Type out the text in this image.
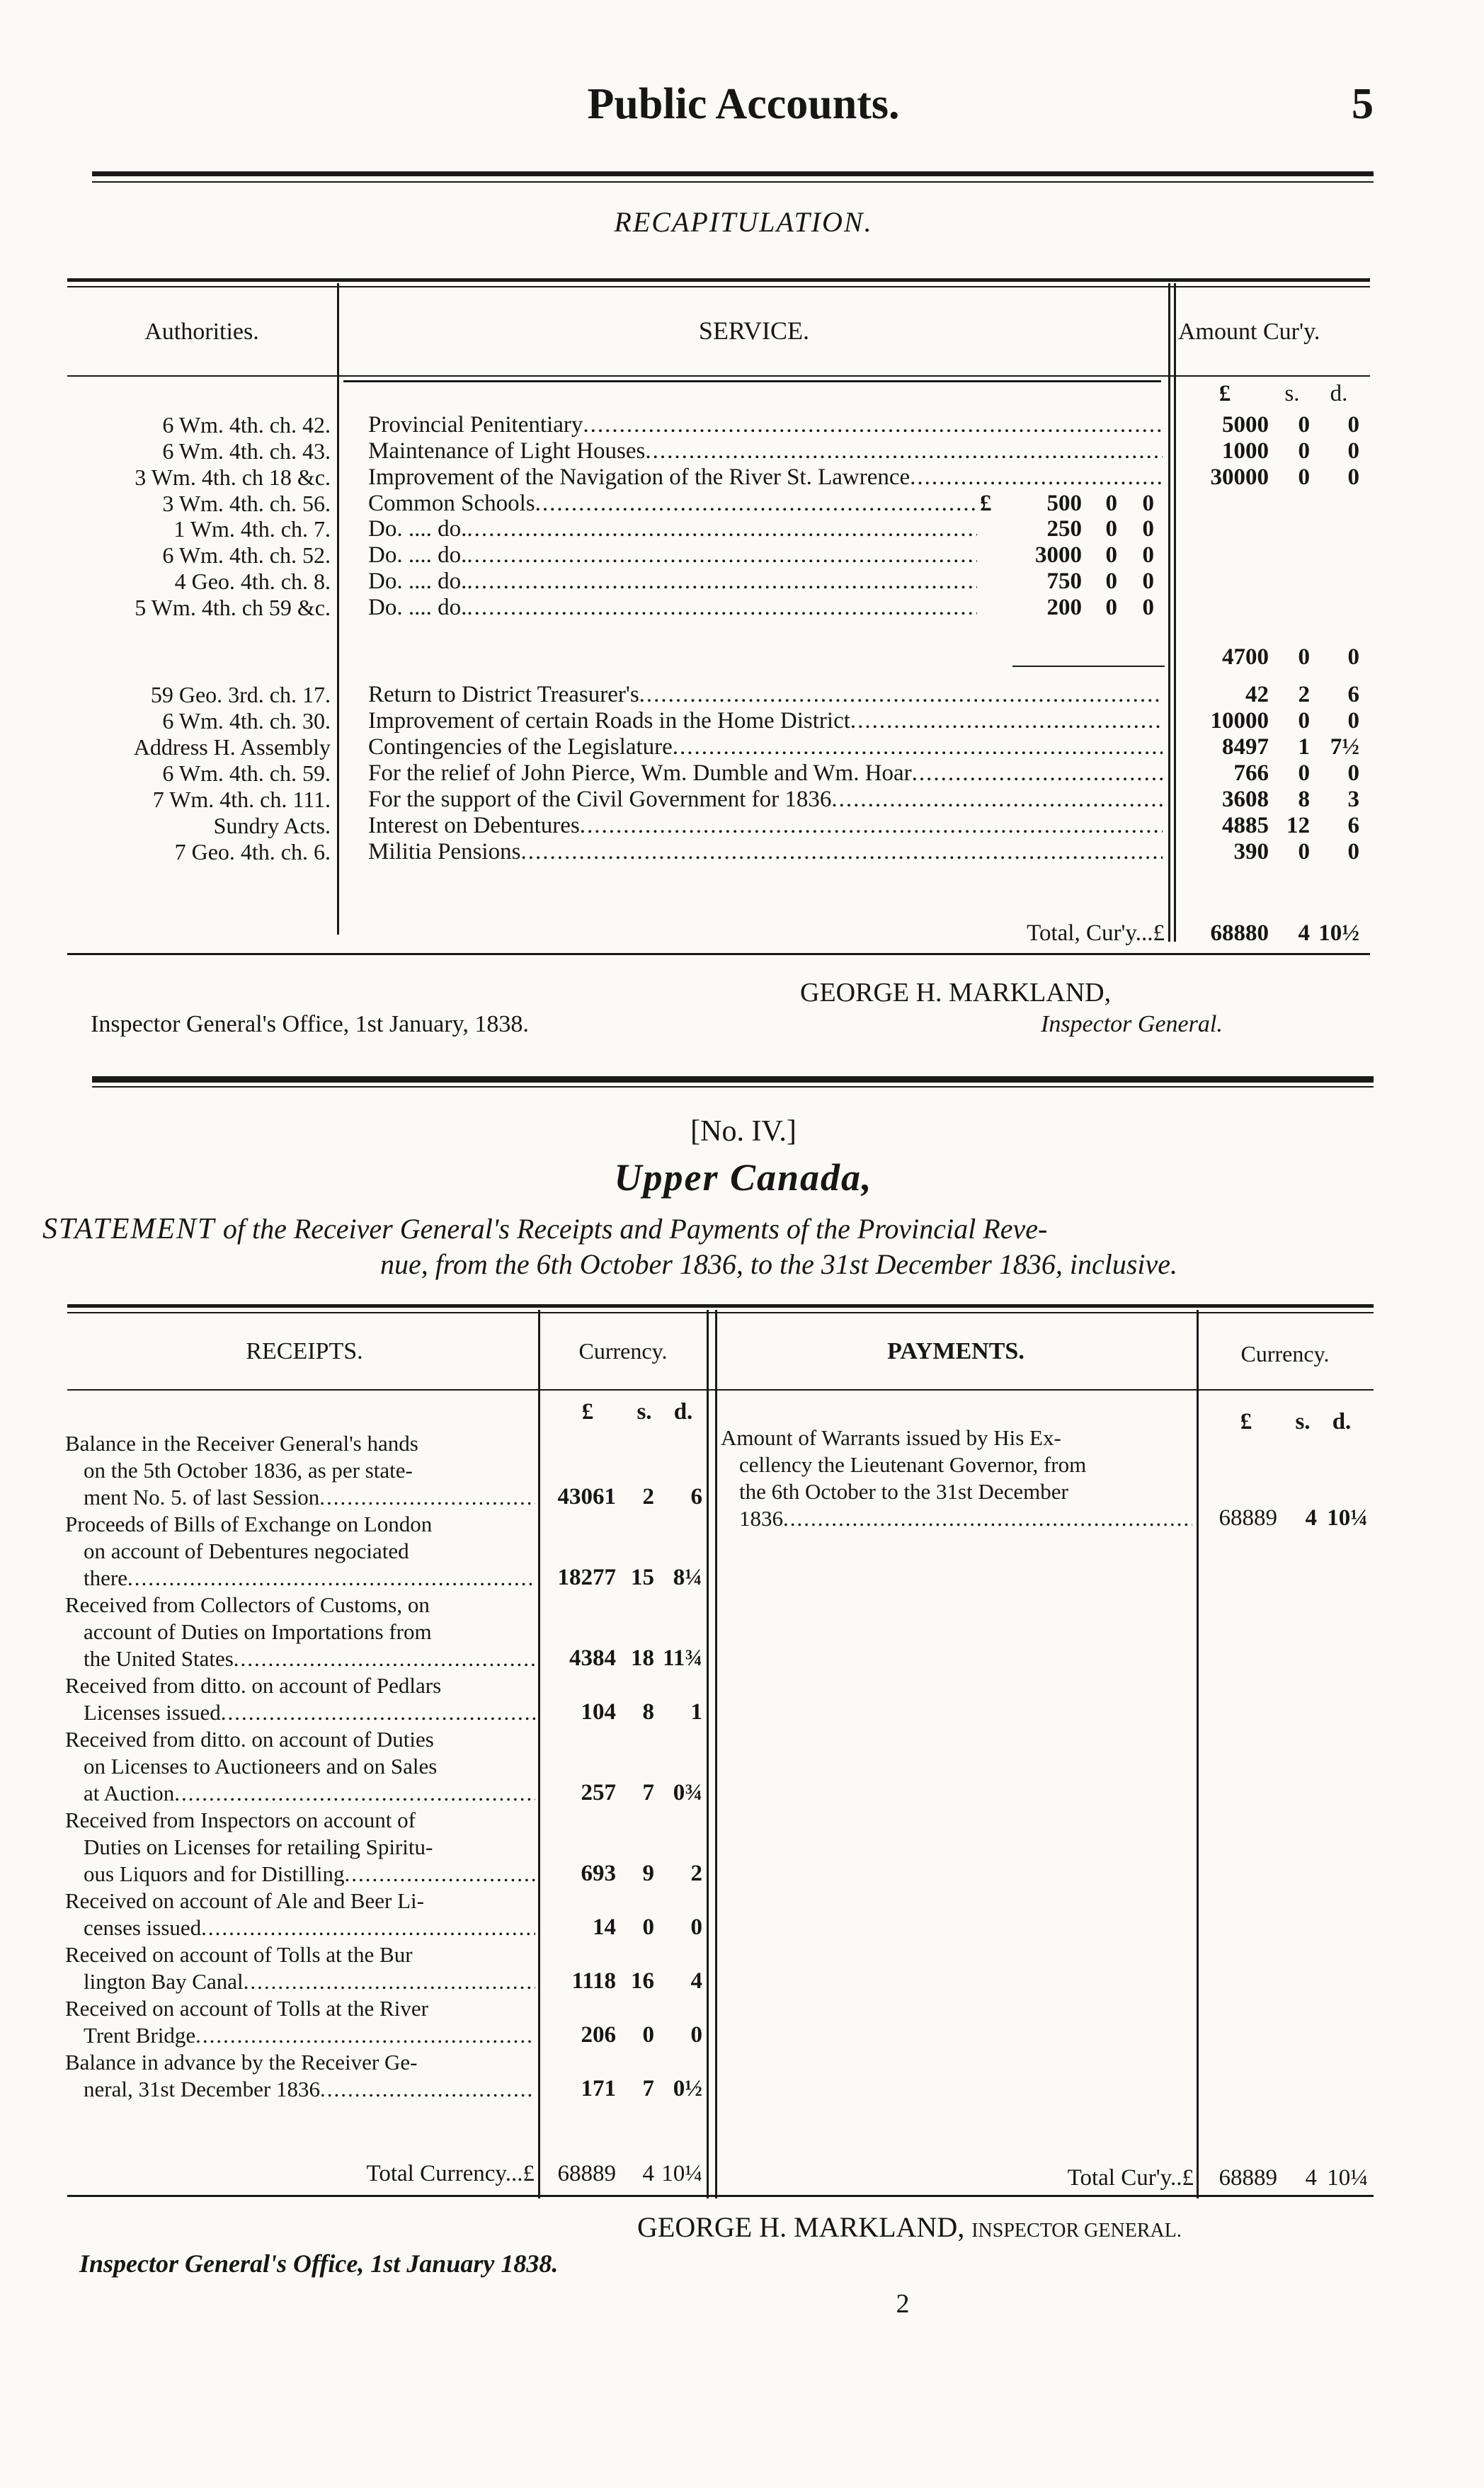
Public Accounts.	5
RECAPITULATION.
Authorities.	SERVICE.	Amount Cur'y.
£	s.	d.
6 Wm. 4th. ch. 42. Provincial Penitentiary .....	5000	0	0
6 Wm. 4th. ch. 43. Maintenance of Light Houses .....	1000	0	0
3 Wm. 4th. ch 18 &c. Improvement of the Navigation of the River St. Lawrence .....	30000	0	0
3 Wm. 4th. ch. 56. Common Schools .....	£	500	0	0
1 Wm. 4th. ch. 7. Do. .... do. .....	250	0	0
6 Wm. 4th. ch. 52. Do. .... do. .....	3000	0	0
4 Geo. 4th. ch. 8. Do. .... do. .....	750	0	0
5 Wm. 4th. ch 59 &c. Do. .... do. .....	200	0	0
4700	0	0
59 Geo. 3rd. ch. 17. Return to District Treasurer's .....	42	2	6
6 Wm. 4th. ch. 30. Improvement of certain Roads in the Home District .....	10000	0	0
Address H. Assembly Contingencies of the Legislature .....	8497	1 7½
6 Wm. 4th. ch. 59. For the relief of John Pierce, Wm. Dumble and Wm. Hoar .....	766	0	0
7 Wm. 4th. ch. 111. For the support of the Civil Government for 1836 .....	3608	8	3
Sundry Acts. Interest on Debentures .....	4885 12	6
7 Geo. 4th. ch. 6. Militia Pensions .....	390	0	0
Total, Cur'y...£	68880	4 10½
GEORGE H. MARKLAND,
Inspector General.
Inspector General's Office, 1st January, 1838.
[No. IV.]
Upper Canada,
STATEMENT of the Receiver General's Receipts and Payments of the Provincial Reve-
nue, from the 6th October 1836, to the 31st December 1836, inclusive.
RECEIPTS.	Currency.	PAYMENTS.	Currency.
£	s. d.	£	s. d.
Balance in the Receiver General's hands
on the 5th October 1836, as per state-
ment No. 5. of last Session .....	43061	2	6
Proceeds of Bills of Exchange on London
on account of Debentures negociated
there .....	18277 15 8¼
Received from Collectors of Customs, on
account of Duties on Importations from
the United States .....	4384 18 11¾
Received from ditto. on account of Pedlars
Licenses issued .....	104	8	1
Received from ditto. on account of Duties
on Licenses to Auctioneers and on Sales
at Auction .....	257	7 0¾
Received from Inspectors on account of
Duties on Licenses for retailing Spiritu-
ous Liquors and for Distilling .....	693	9	2
Received on account of Ale and Beer Li-
censes issued .....	14	0	0
Received on account of Tolls at the Bur
lington Bay Canal .....	1118 16	4
Received on account of Tolls at the River
Trent Bridge .....	206	0	0
Balance in advance by the Receiver Ge-
neral, 31st December 1836 .....	171	7 0½
Amount of Warrants issued by His Ex-
cellency the Lieutenant Governor, from
the 6th October to the 31st December
1836 .....	68889	4 10¼
Total Currency...£ 68889	4 10¼	Total Cur'y..£	68889	4 10¼
GEORGE H. MARKLAND, INSPECTOR GENERAL.
Inspector General's Office, 1st January 1838.
2
